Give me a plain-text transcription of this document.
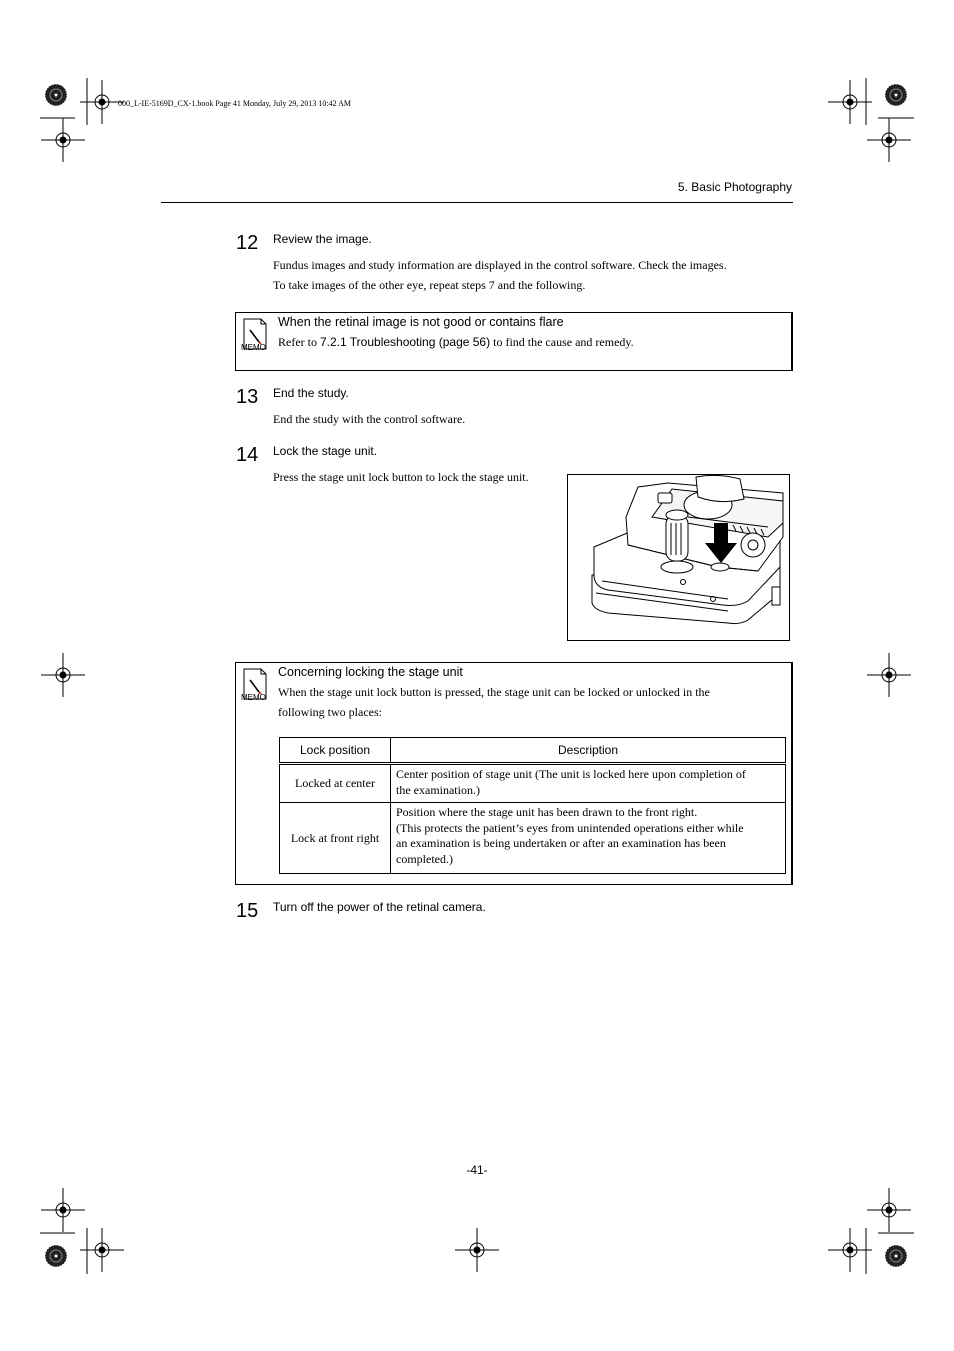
000_L-IE-5169D_CX-1.book Page 41 Monday, July 29, 2013 10:42 AM
5. Basic Photography
12 Review the image.
Fundus images and study information are displayed in the control software. Check the images.
To take images of the other eye, repeat steps 7 and the following.
MEMO
When the retinal image is not good or contains flare
Refer to 7.2.1 Troubleshooting (page 56) to find the cause and remedy.
13 End the study.
End the study with the control software.
14 Lock the stage unit.
Press the stage unit lock button to lock the stage unit.
MEMO
Concerning locking the stage unit
When the stage unit lock button is pressed, the stage unit can be locked or unlocked in the
following two places:
Lock position	Description
Locked at center	Center position of stage unit (The unit is locked here upon completion of
the examination.)

Lock at front right	Position where the stage unit has been drawn to the front right.
(This protects the patient’s eyes from unintended operations either while
an examination is being undertaken or after an examination has been
completed.)
15 Turn off the power of the retinal camera.
-41-
